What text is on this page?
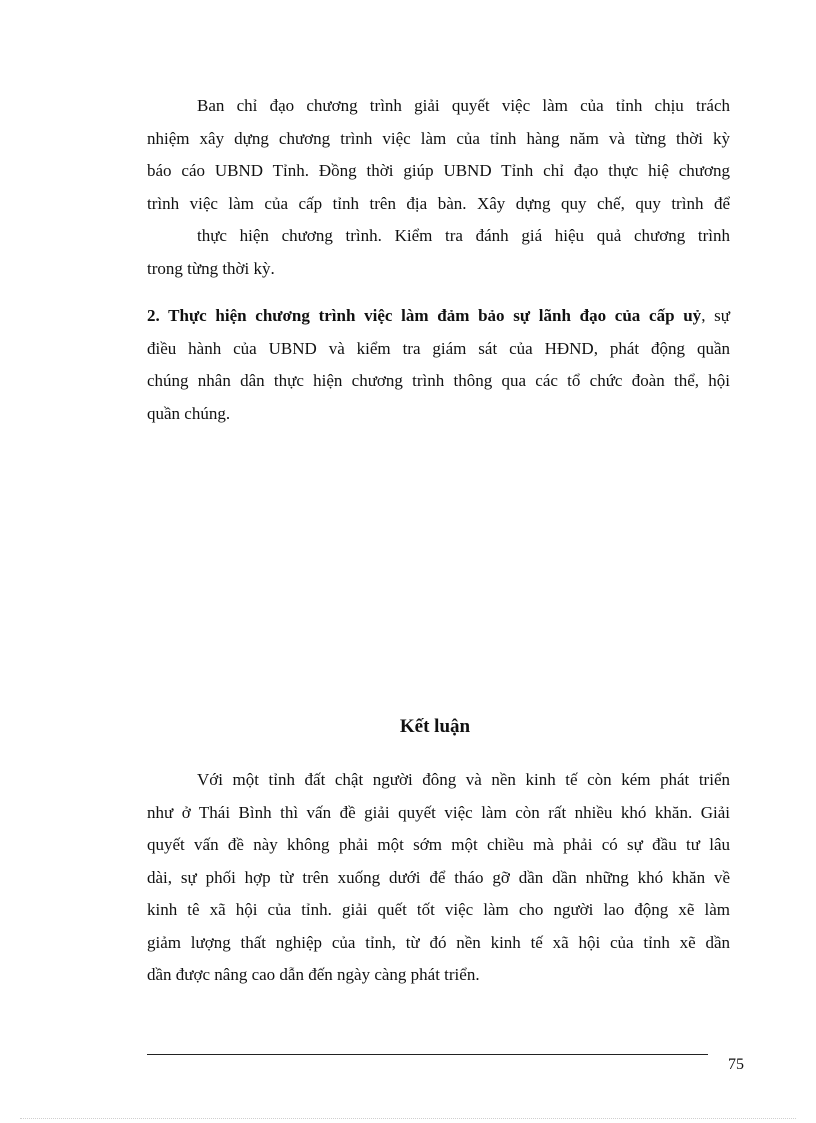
Ban chỉ đạo chương trình giải quyết việc làm của tỉnh chịu trách
nhiệm xây dựng chương trình việc làm của tỉnh hàng năm và từng thời kỳ
báo cáo UBND Tỉnh. Đồng thời giúp UBND Tỉnh chỉ đạo thực hiệ chương
trình việc làm của cấp tỉnh trên địa bàn. Xây dựng quy chế, quy trình để
thực hiện chương trình. Kiểm tra đánh giá hiệu quả chương trình
trong từng thời kỳ.
2. Thực hiện chương trình việc làm đảm bảo sự lãnh đạo của cấp uỷ, sự
điều hành của UBND và kiểm tra giám sát của HĐND, phát động quần
chúng nhân dân thực hiện chương trình thông qua các tổ chức đoàn thể, hội
quần chúng.
Kết luận
Với một tỉnh đất chật người đông và nền kinh tế còn kém phát triển
như ở Thái Bình thì vấn đề giải quyết việc làm còn rất nhiều khó khăn. Giải
quyết vấn đề này không phải một sớm một chiều mà phải có sự đầu tư lâu
dài, sự phối hợp từ trên xuống dưới để tháo gỡ dần dần những khó khăn về
kinh tê xã hội của tỉnh. giải quết tốt việc làm cho người lao động xẽ làm
giảm lượng thất nghiệp của tỉnh, từ đó nền kinh tế xã hội của tỉnh xẽ dần
dần được nâng cao dẫn đến ngày càng phát triển.
75
